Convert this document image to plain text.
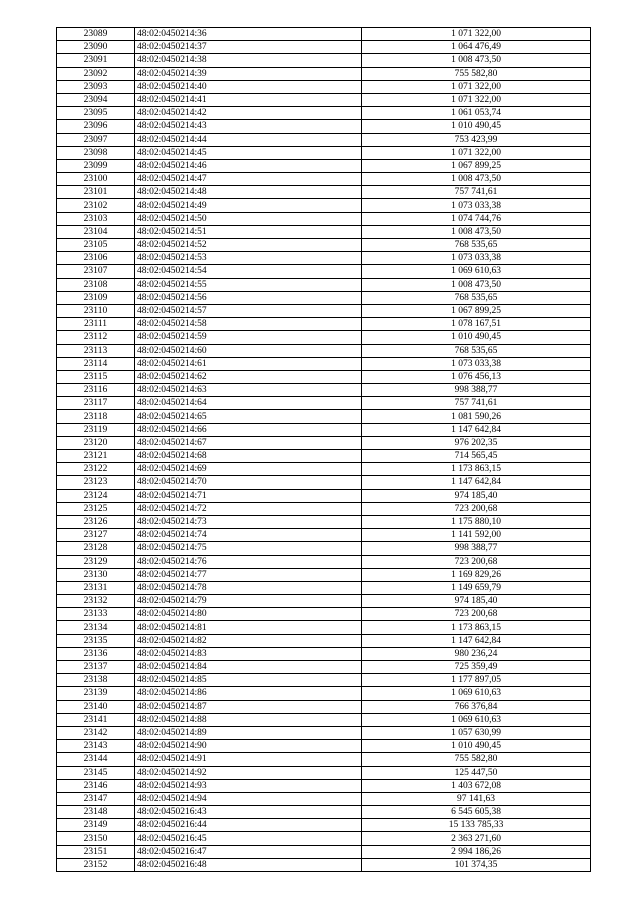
23089	48:02:0450214:36	1 071 322,00
23090	48:02:0450214:37	1 064 476,49
23091	48:02:0450214:38	1 008 473,50
23092	48:02:0450214:39	755 582,80
23093	48:02:0450214:40	1 071 322,00
23094	48:02:0450214:41	1 071 322,00
23095	48:02:0450214:42	1 061 053,74
23096	48:02:0450214:43	1 010 490,45
23097	48:02:0450214:44	753 423,99
23098	48:02:0450214:45	1 071 322,00
23099	48:02:0450214:46	1 067 899,25
23100	48:02:0450214:47	1 008 473,50
23101	48:02:0450214:48	757 741,61
23102	48:02:0450214:49	1 073 033,38
23103	48:02:0450214:50	1 074 744,76
23104	48:02:0450214:51	1 008 473,50
23105	48:02:0450214:52	768 535,65
23106	48:02:0450214:53	1 073 033,38
23107	48:02:0450214:54	1 069 610,63
23108	48:02:0450214:55	1 008 473,50
23109	48:02:0450214:56	768 535,65
23110	48:02:0450214:57	1 067 899,25
23111	48:02:0450214:58	1 078 167,51
23112	48:02:0450214:59	1 010 490,45
23113	48:02:0450214:60	768 535,65
23114	48:02:0450214:61	1 073 033,38
23115	48:02:0450214:62	1 076 456,13
23116	48:02:0450214:63	998 388,77
23117	48:02:0450214:64	757 741,61
23118	48:02:0450214:65	1 081 590,26
23119	48:02:0450214:66	1 147 642,84
23120	48:02:0450214:67	976 202,35
23121	48:02:0450214:68	714 565,45
23122	48:02:0450214:69	1 173 863,15
23123	48:02:0450214:70	1 147 642,84
23124	48:02:0450214:71	974 185,40
23125	48:02:0450214:72	723 200,68
23126	48:02:0450214:73	1 175 880,10
23127	48:02:0450214:74	1 141 592,00
23128	48:02:0450214:75	998 388,77
23129	48:02:0450214:76	723 200,68
23130	48:02:0450214:77	1 169 829,26
23131	48:02:0450214:78	1 149 659,79
23132	48:02:0450214:79	974 185,40
23133	48:02:0450214:80	723 200,68
23134	48:02:0450214:81	1 173 863,15
23135	48:02:0450214:82	1 147 642,84
23136	48:02:0450214:83	980 236,24
23137	48:02:0450214:84	725 359,49
23138	48:02:0450214:85	1 177 897,05
23139	48:02:0450214:86	1 069 610,63
23140	48:02:0450214:87	766 376,84
23141	48:02:0450214:88	1 069 610,63
23142	48:02:0450214:89	1 057 630,99
23143	48:02:0450214:90	1 010 490,45
23144	48:02:0450214:91	755 582,80
23145	48:02:0450214:92	125 447,50
23146	48:02:0450214:93	1 403 672,08
23147	48:02:0450214:94	97 141,63
23148	48:02:0450216:43	6 545 605,38
23149	48:02:0450216:44	15 133 785,33
23150	48:02:0450216:45	2 363 271,60
23151	48:02:0450216:47	2 994 186,26
23152	48:02:0450216:48	101 374,35
